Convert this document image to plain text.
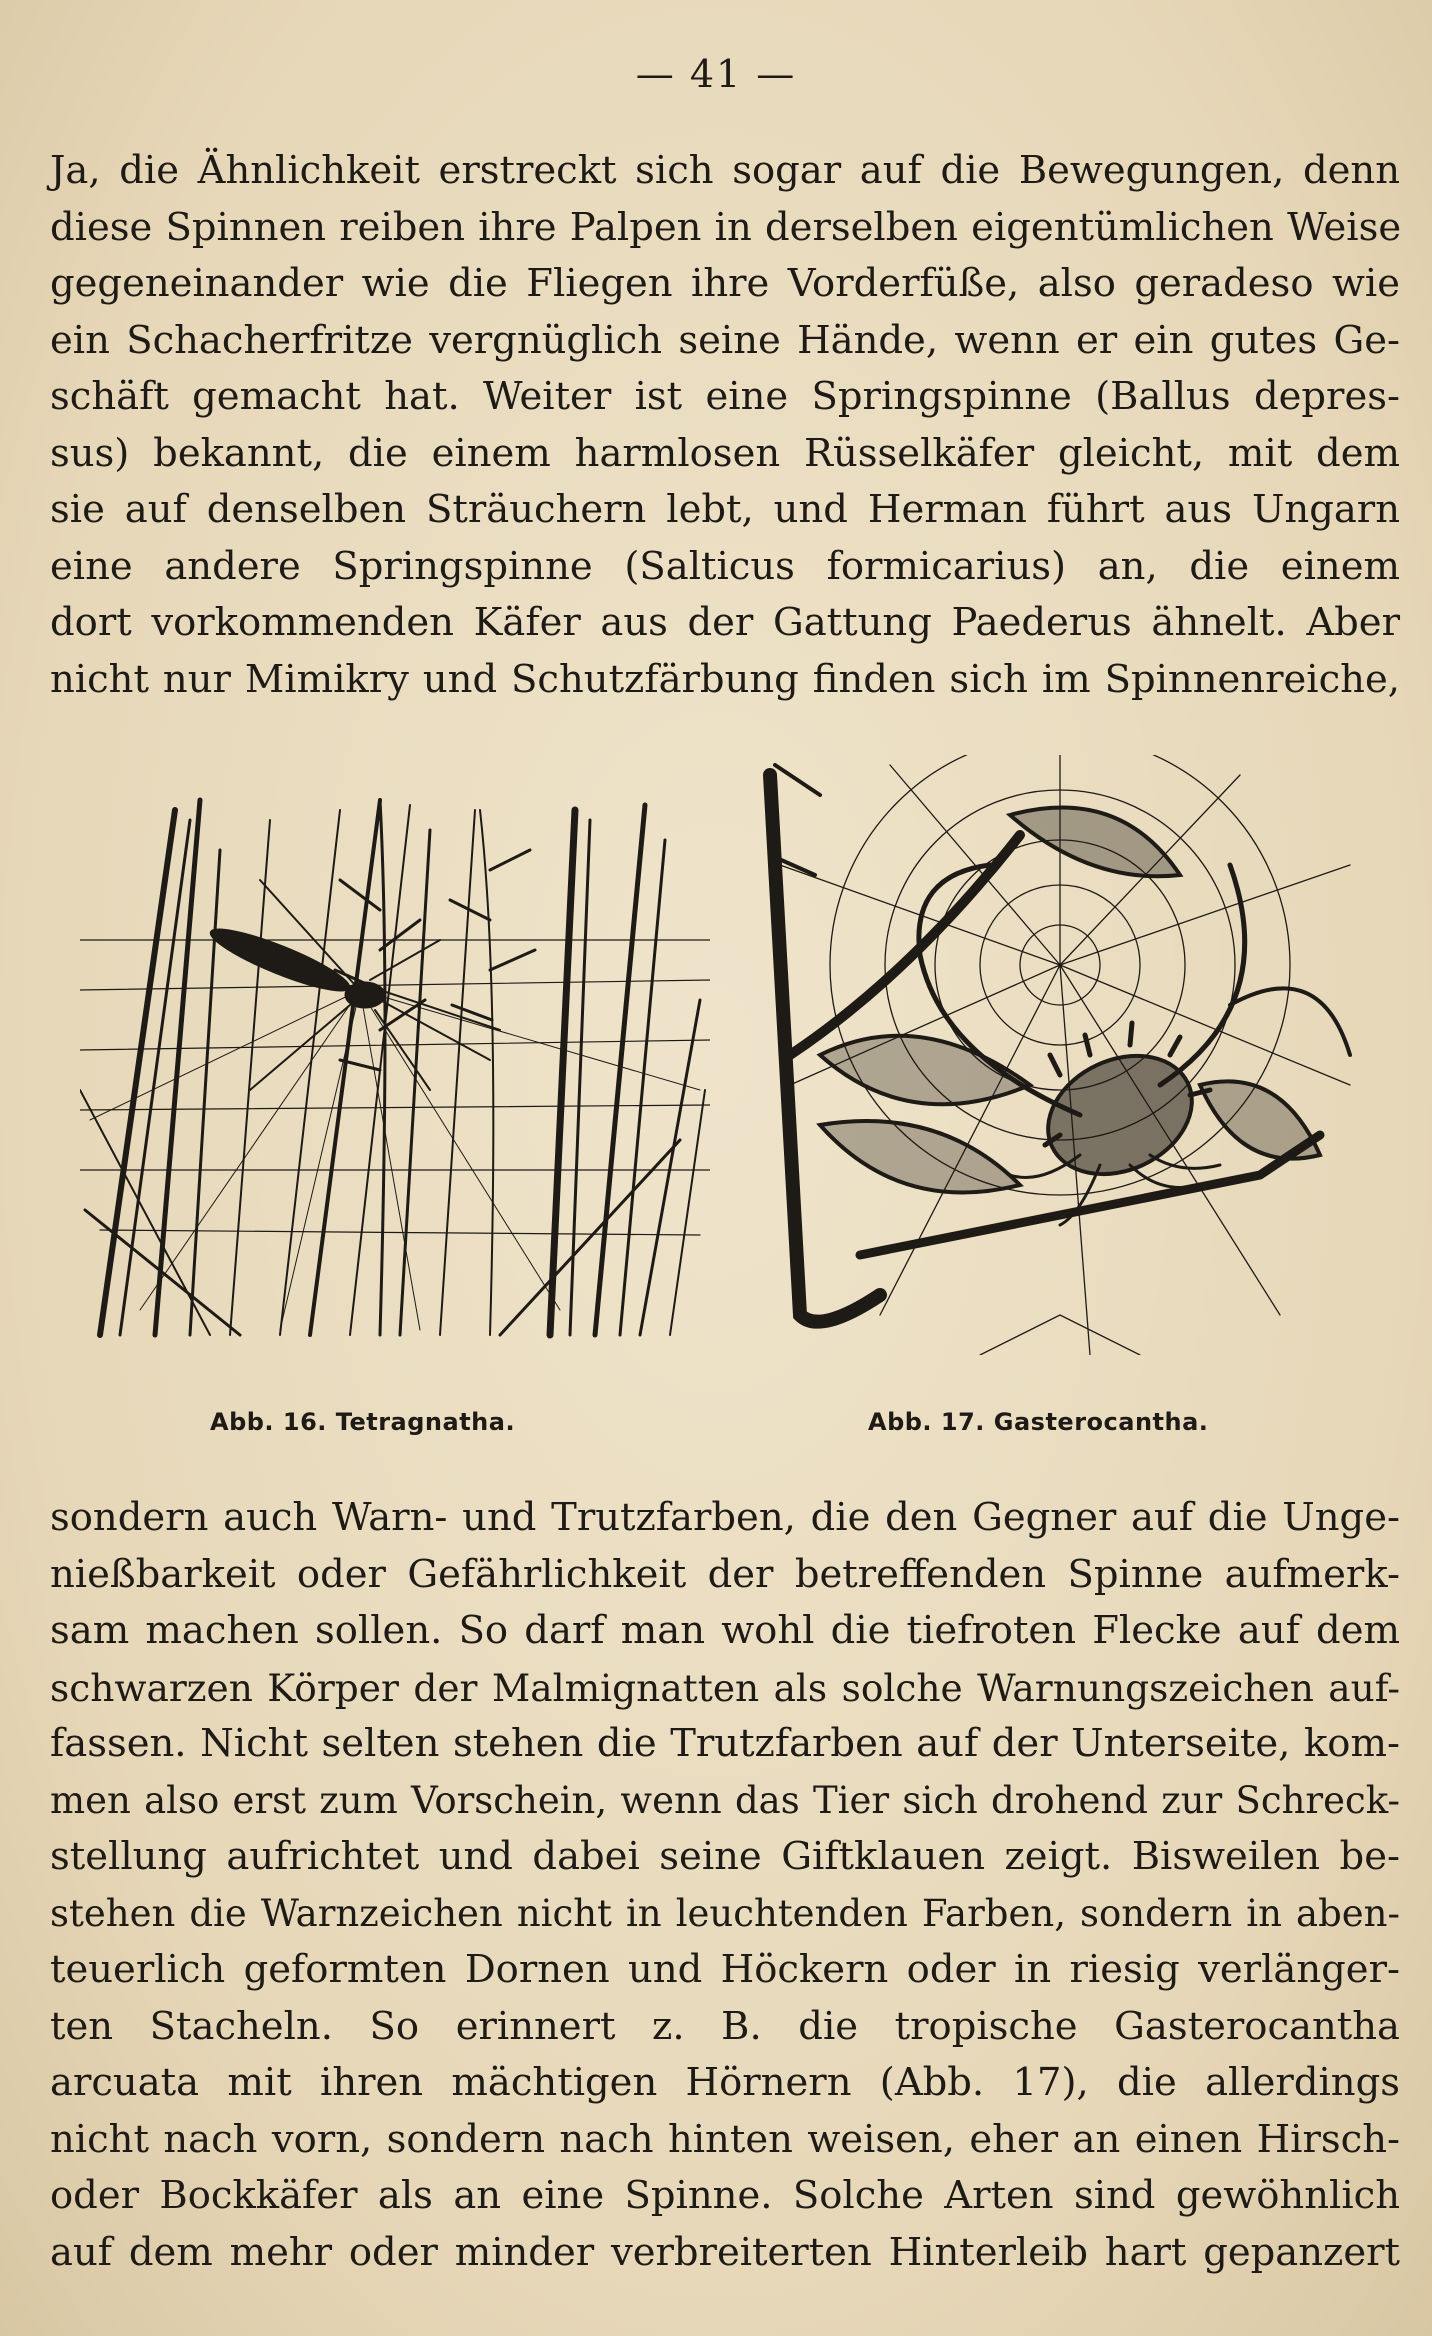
— 41 —
Ja, die Ähnlichkeit erstreckt sich sogar auf die Bewegungen, denn
diese Spinnen reiben ihre Palpen in derselben eigentümlichen Weise
gegeneinander wie die Fliegen ihre Vorderfüße, also geradeso wie
ein Schacherfritze vergnüglich seine Hände, wenn er ein gutes Ge-
schäft gemacht hat. Weiter ist eine Springspinne (Ballus depres-
sus) bekannt, die einem harmlosen Rüsselkäfer gleicht, mit dem
sie auf denselben Sträuchern lebt, und Herman führt aus Ungarn
eine andere Springspinne (Salticus formicarius) an, die einem
dort vorkommenden Käfer aus der Gattung Paederus ähnelt. Aber
nicht nur Mimikry und Schutzfärbung finden sich im Spinnenreiche,
Abb. 16. Tetragnatha.	Abb. 17. Gasterocantha.
sondern auch Warn- und Trutzfarben, die den Gegner auf die Unge-
nießbarkeit oder Gefährlichkeit der betreffenden Spinne aufmerk-
sam machen sollen. So darf man wohl die tiefroten Flecke auf dem
schwarzen Körper der Malmignatten als solche Warnungszeichen auf-
fassen. Nicht selten stehen die Trutzfarben auf der Unterseite, kom-
men also erst zum Vorschein, wenn das Tier sich drohend zur Schreck-
stellung aufrichtet und dabei seine Giftklauen zeigt. Bisweilen be-
stehen die Warnzeichen nicht in leuchtenden Farben, sondern in aben-
teuerlich geformten Dornen und Höckern oder in riesig verlänger-
ten Stacheln. So erinnert z. B. die tropische Gasterocantha
arcuata mit ihren mächtigen Hörnern (Abb. 17), die allerdings
nicht nach vorn, sondern nach hinten weisen, eher an einen Hirsch-
oder Bockkäfer als an eine Spinne. Solche Arten sind gewöhnlich
auf dem mehr oder minder verbreiterten Hinterleib hart gepanzert
